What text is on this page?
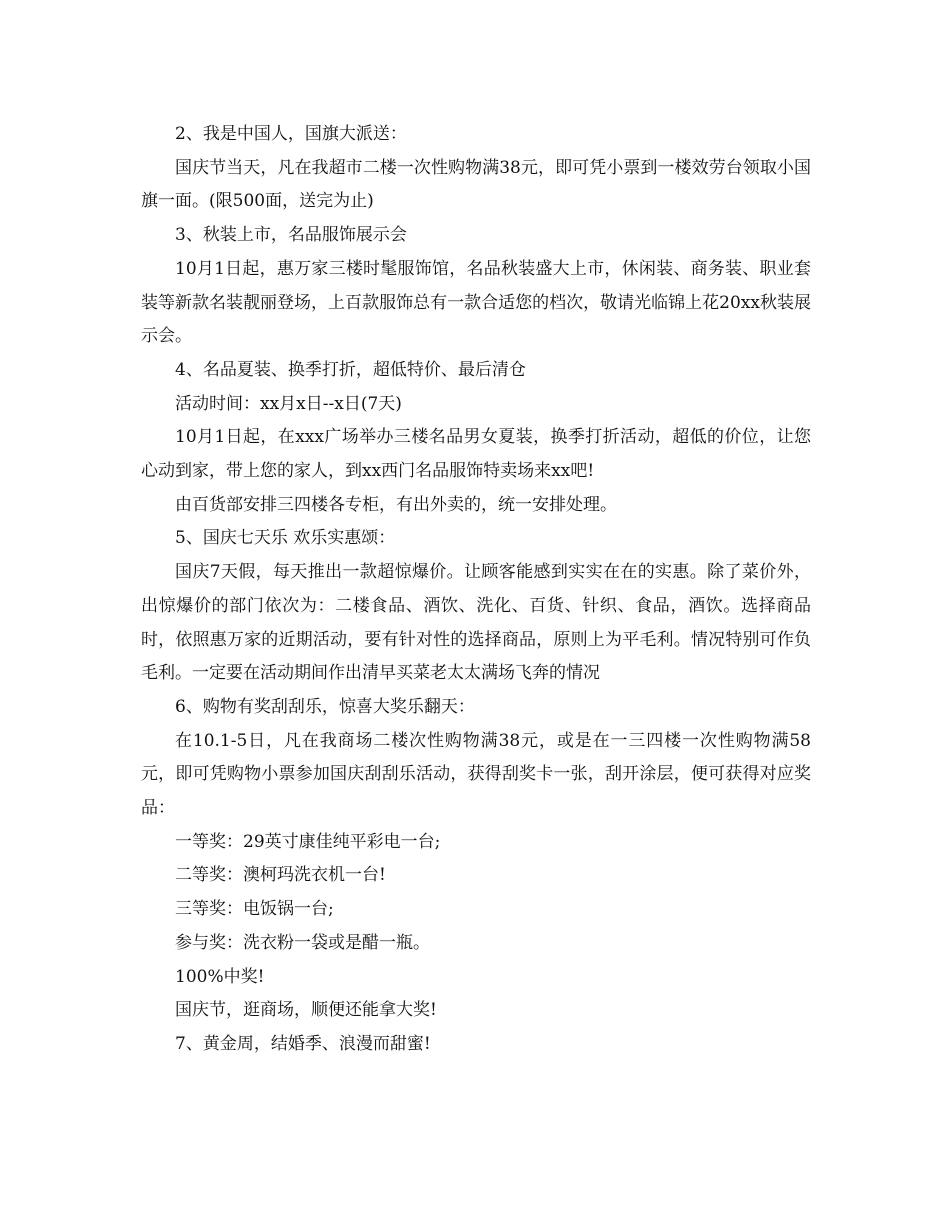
2、我是中国人，国旗大派送：

国庆节当天，凡在我超市二楼一次性购物满38元，即可凭小票到一楼效劳台领取小国旗一面。(限500面，送完为止)

3、秋装上市，名品服饰展示会

10月1日起，惠万家三楼时髦服饰馆，名品秋装盛大上市，休闲装、商务装、职业套装等新款名装靓丽登场，上百款服饰总有一款合适您的档次，敬请光临锦上花20xx秋装展示会。

4、名品夏装、换季打折，超低特价、最后清仓

活动时间：xx月x日--x日(7天)

10月1日起，在xxx广场举办三楼名品男女夏装，换季打折活动，超低的价位，让您心动到家，带上您的家人，到xx西门名品服饰特卖场来xx吧!

由百货部安排三四楼各专柜，有出外卖的，统一安排处理。

5、国庆七天乐 欢乐实惠颂：

国庆7天假，每天推出一款超惊爆价。让顾客能感到实实在在的实惠。除了菜价外，出惊爆价的部门依次为：二楼食品、酒饮、洗化、百货、针织、食品，酒饮。选择商品时，依照惠万家的近期活动，要有针对性的选择商品，原则上为平毛利。情况特别可作负毛利。一定要在活动期间作出清早买菜老太太满场飞奔的情况

6、购物有奖刮刮乐，惊喜大奖乐翻天：

在10.1-5日，凡在我商场二楼次性购物满38元，或是在一三四楼一次性购物满58元，即可凭购物小票参加国庆刮刮乐活动，获得刮奖卡一张，刮开涂层，便可获得对应奖品：

一等奖：29英寸康佳纯平彩电一台;

二等奖：澳柯玛洗衣机一台!

三等奖：电饭锅一台;

参与奖：洗衣粉一袋或是醋一瓶。

100%中奖!

国庆节，逛商场，顺便还能拿大奖!

7、黄金周，结婚季、浪漫而甜蜜!
